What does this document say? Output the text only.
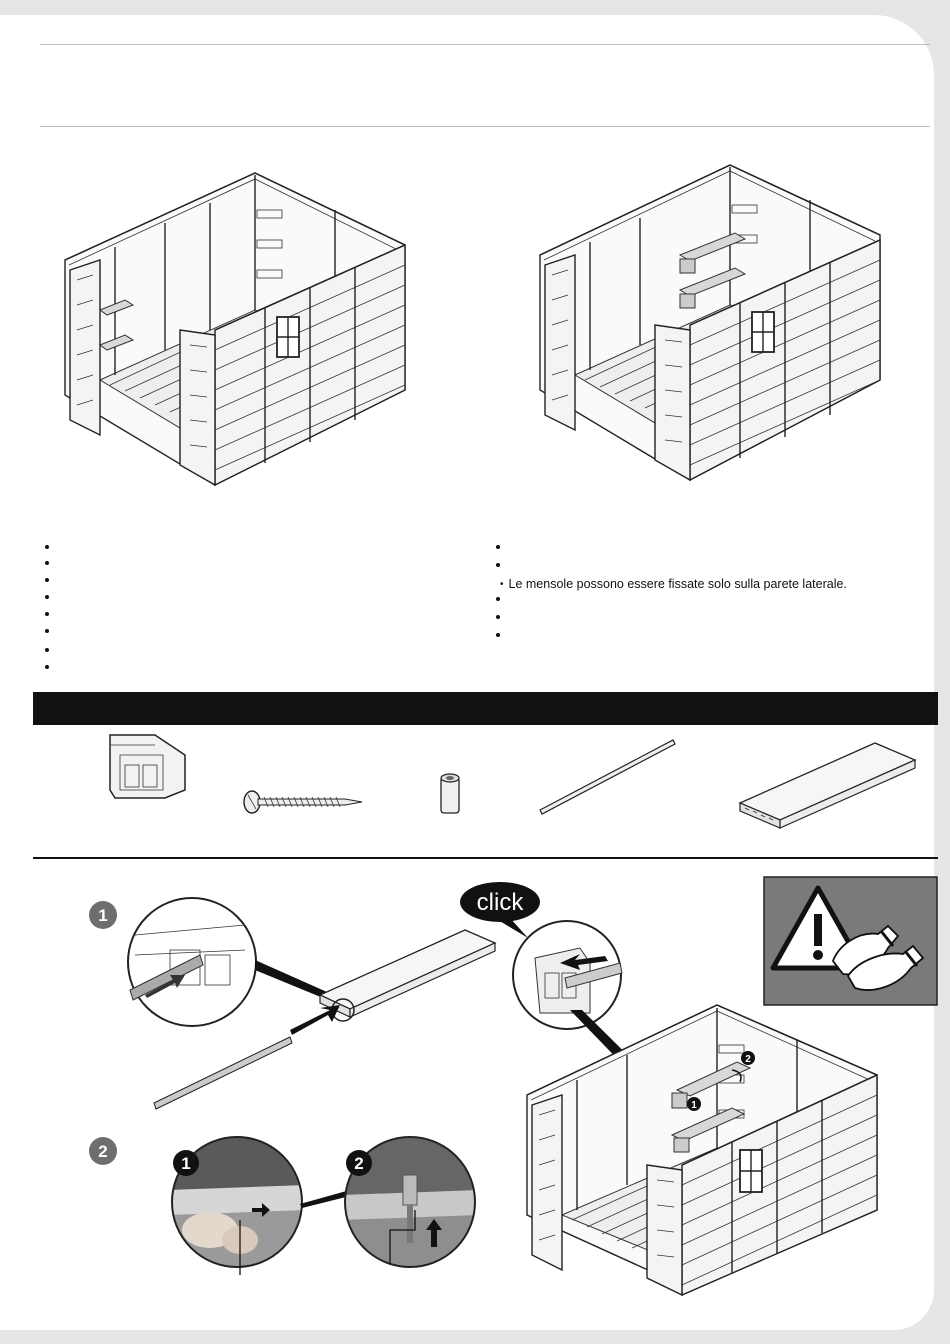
• Le mensole possono essere fissate solo sulla parete laterale.
1	click
2
1	2
1
2
